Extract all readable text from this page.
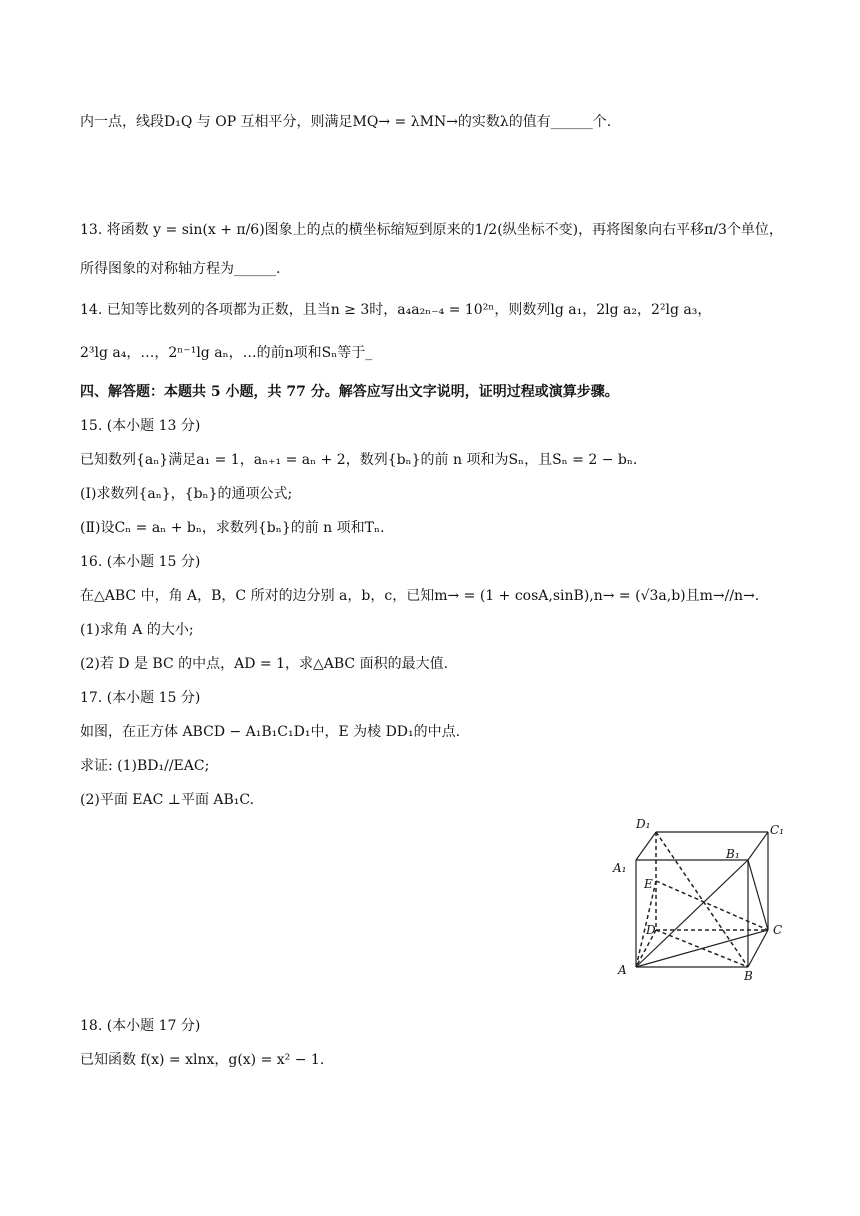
内一点，线段D₁Q 与 OP 互相平分，则满足MQ→ = λMN→的实数λ的值有______个.
13. 将函数 y = sin(x + π/6)图象上的点的横坐标缩短到原来的1/2(纵坐标不变)，再将图象向右平移π/3个单位，
所得图象的对称轴方程为______.
14. 已知等比数列的各项都为正数，且当n ≥ 3时，a₄a₂ₙ₋₄ = 10²ⁿ，则数列lg a₁，2lg a₂，2²lg a₃，
2³lg a₄，…，2ⁿ⁻¹lg aₙ，…的前n项和Sₙ等于_
四、解答题：本题共 5 小题，共 77 分。解答应写出文字说明，证明过程或演算步骤。
15. (本小题 13 分)
已知数列{aₙ}满足a₁ = 1，aₙ₊₁ = aₙ + 2，数列{bₙ}的前 n 项和为Sₙ，且Sₙ = 2 − bₙ.
(Ⅰ)求数列{aₙ}，{bₙ}的通项公式;
(Ⅱ)设Cₙ = aₙ + bₙ，求数列{bₙ}的前 n 项和Tₙ.
16. (本小题 15 分)
在△ABC 中，角 A，B，C 所对的边分别 a，b，c，已知m→ = (1 + cosA,sinB),n→ = (√3a,b)且m→//n→.
(1)求角 A 的大小;
(2)若 D 是 BC 的中点，AD = 1，求△ABC 面积的最大值.
17. (本小题 15 分)
如图，在正方体 ABCD − A₁B₁C₁D₁中，E 为棱 DD₁的中点.
求证: (1)BD₁//EAC;
(2)平面 EAC ⊥平面 AB₁C.
D₁	C₁
B₁
A₁
E
D	C
A	B
18. (本小题 17 分)
已知函数 f(x) = xlnx，g(x) = x² − 1.
